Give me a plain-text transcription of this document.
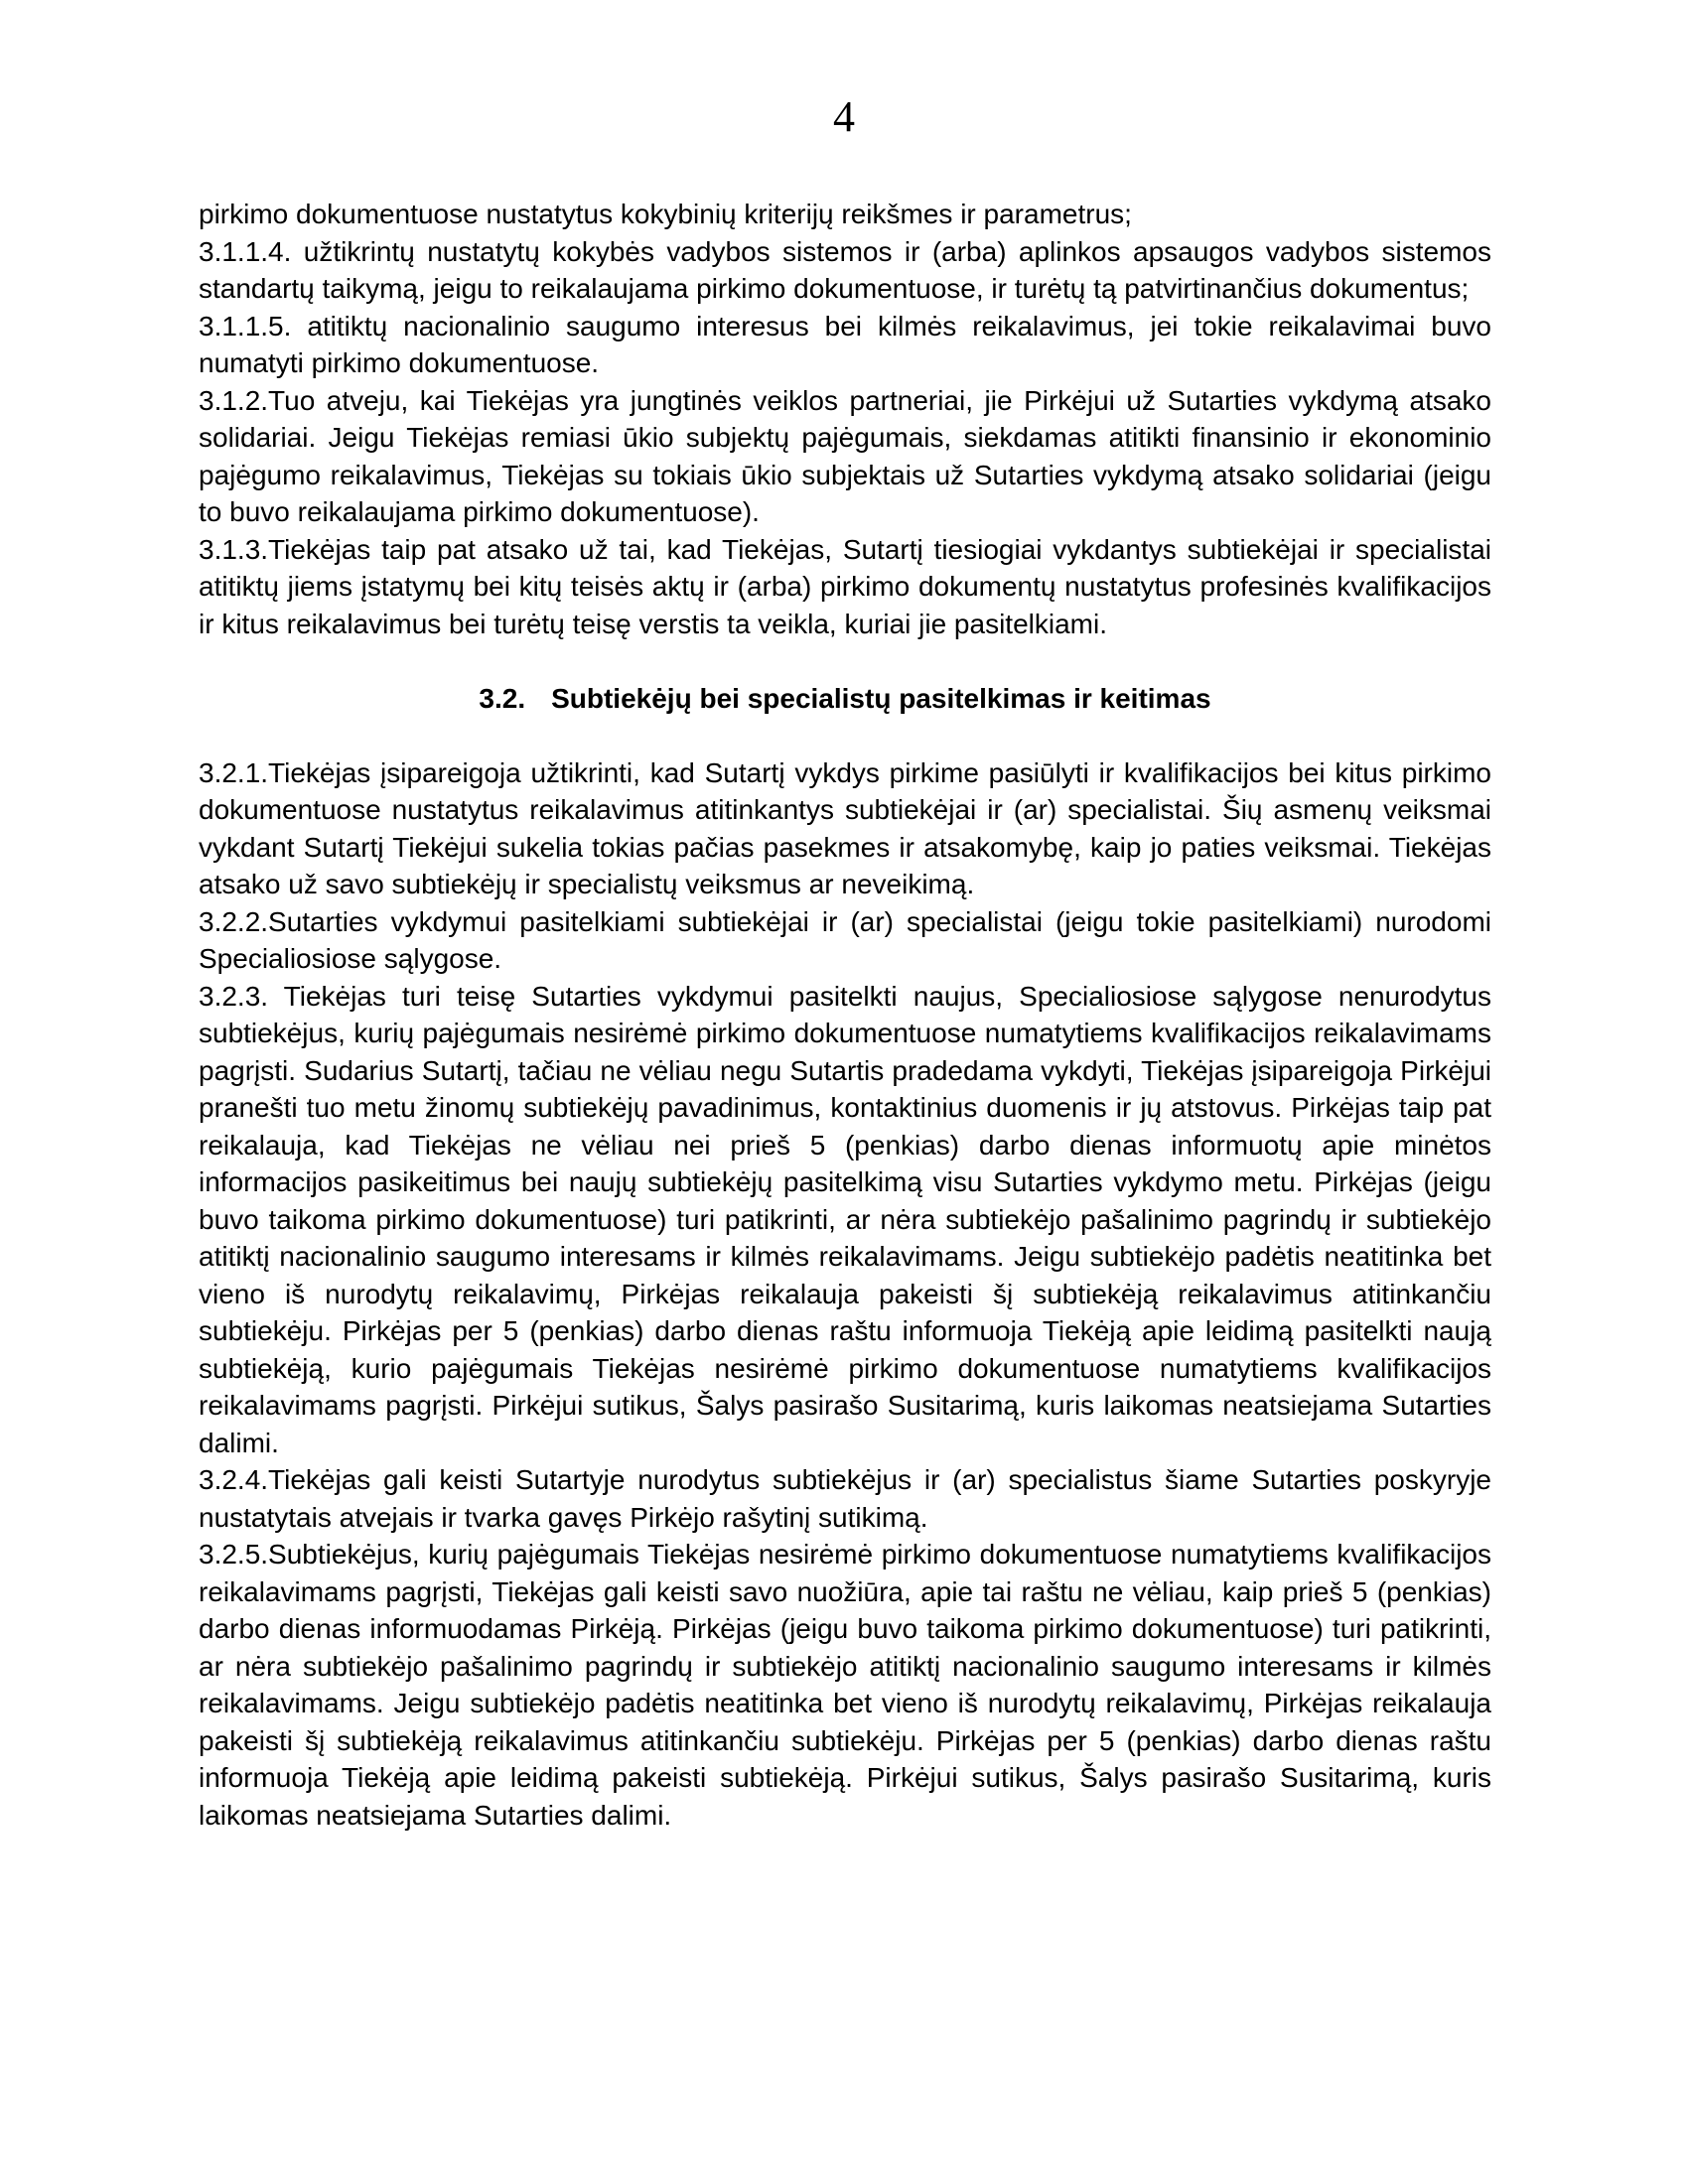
4

pirkimo dokumentuose nustatytus kokybinių kriterijų reikšmes ir parametrus;

3.1.1.4. užtikrintų nustatytų kokybės vadybos sistemos ir (arba) aplinkos apsaugos vadybos sistemos standartų taikymą, jeigu to reikalaujama pirkimo dokumentuose, ir turėtų tą patvirtinančius dokumentus;

3.1.1.5. atitiktų nacionalinio saugumo interesus bei kilmės reikalavimus, jei tokie reikalavimai buvo numatyti pirkimo dokumentuose.

3.1.2.Tuo atveju, kai Tiekėjas yra jungtinės veiklos partneriai, jie Pirkėjui už Sutarties vykdymą atsako solidariai. Jeigu Tiekėjas remiasi ūkio subjektų pajėgumais, siekdamas atitikti finansinio ir ekonominio pajėgumo reikalavimus, Tiekėjas su tokiais ūkio subjektais už Sutarties vykdymą atsako solidariai (jeigu to buvo reikalaujama pirkimo dokumentuose).

3.1.3.Tiekėjas taip pat atsako už tai, kad Tiekėjas, Sutartį tiesiogiai vykdantys subtiekėjai ir specialistai atitiktų jiems įstatymų bei kitų teisės aktų ir (arba) pirkimo dokumentų nustatytus profesinės kvalifikacijos ir kitus reikalavimus bei turėtų teisę verstis ta veikla, kuriai jie pasitelkiami.

3.2. Subtiekėjų bei specialistų pasitelkimas ir keitimas

3.2.1.Tiekėjas įsipareigoja užtikrinti, kad Sutartį vykdys pirkime pasiūlyti ir kvalifikacijos bei kitus pirkimo dokumentuose nustatytus reikalavimus atitinkantys subtiekėjai ir (ar) specialistai. Šių asmenų veiksmai vykdant Sutartį Tiekėjui sukelia tokias pačias pasekmes ir atsakomybę, kaip jo paties veiksmai. Tiekėjas atsako už savo subtiekėjų ir specialistų veiksmus ar neveikimą.

3.2.2.Sutarties vykdymui pasitelkiami subtiekėjai ir (ar) specialistai (jeigu tokie pasitelkiami) nurodomi Specialiosiose sąlygose.

3.2.3. Tiekėjas turi teisę Sutarties vykdymui pasitelkti naujus, Specialiosiose sąlygose nenurodytus subtiekėjus, kurių pajėgumais nesirėmė pirkimo dokumentuose numatytiems kvalifikacijos reikalavimams pagrįsti. Sudarius Sutartį, tačiau ne vėliau negu Sutartis pradedama vykdyti, Tiekėjas įsipareigoja Pirkėjui pranešti tuo metu žinomų subtiekėjų pavadinimus, kontaktinius duomenis ir jų atstovus. Pirkėjas taip pat reikalauja, kad Tiekėjas ne vėliau nei prieš 5 (penkias) darbo dienas informuotų apie minėtos informacijos pasikeitimus bei naujų subtiekėjų pasitelkimą visu Sutarties vykdymo metu. Pirkėjas (jeigu buvo taikoma pirkimo dokumentuose) turi patikrinti, ar nėra subtiekėjo pašalinimo pagrindų ir subtiekėjo atitiktį nacionalinio saugumo interesams ir kilmės reikalavimams. Jeigu subtiekėjo padėtis neatitinka bet vieno iš nurodytų reikalavimų, Pirkėjas reikalauja pakeisti šį subtiekėją reikalavimus atitinkančiu subtiekėju. Pirkėjas per 5 (penkias) darbo dienas raštu informuoja Tiekėją apie leidimą pasitelkti naują subtiekėją, kurio pajėgumais Tiekėjas nesirėmė pirkimo dokumentuose numatytiems kvalifikacijos reikalavimams pagrįsti. Pirkėjui sutikus, Šalys pasirašo Susitarimą, kuris laikomas neatsiejama Sutarties dalimi.

3.2.4.Tiekėjas gali keisti Sutartyje nurodytus subtiekėjus ir (ar) specialistus šiame Sutarties poskyryje nustatytais atvejais ir tvarka gavęs Pirkėjo rašytinį sutikimą.

3.2.5.Subtiekėjus, kurių pajėgumais Tiekėjas nesirėmė pirkimo dokumentuose numatytiems kvalifikacijos reikalavimams pagrįsti, Tiekėjas gali keisti savo nuožiūra, apie tai raštu ne vėliau, kaip prieš 5 (penkias) darbo dienas informuodamas Pirkėją. Pirkėjas (jeigu buvo taikoma pirkimo dokumentuose) turi patikrinti, ar nėra subtiekėjo pašalinimo pagrindų ir subtiekėjo atitiktį nacionalinio saugumo interesams ir kilmės reikalavimams. Jeigu subtiekėjo padėtis neatitinka bet vieno iš nurodytų reikalavimų, Pirkėjas reikalauja pakeisti šį subtiekėją reikalavimus atitinkančiu subtiekėju. Pirkėjas per 5 (penkias) darbo dienas raštu informuoja Tiekėją apie leidimą pakeisti subtiekėją. Pirkėjui sutikus, Šalys pasirašo Susitarimą, kuris laikomas neatsiejama Sutarties dalimi.
